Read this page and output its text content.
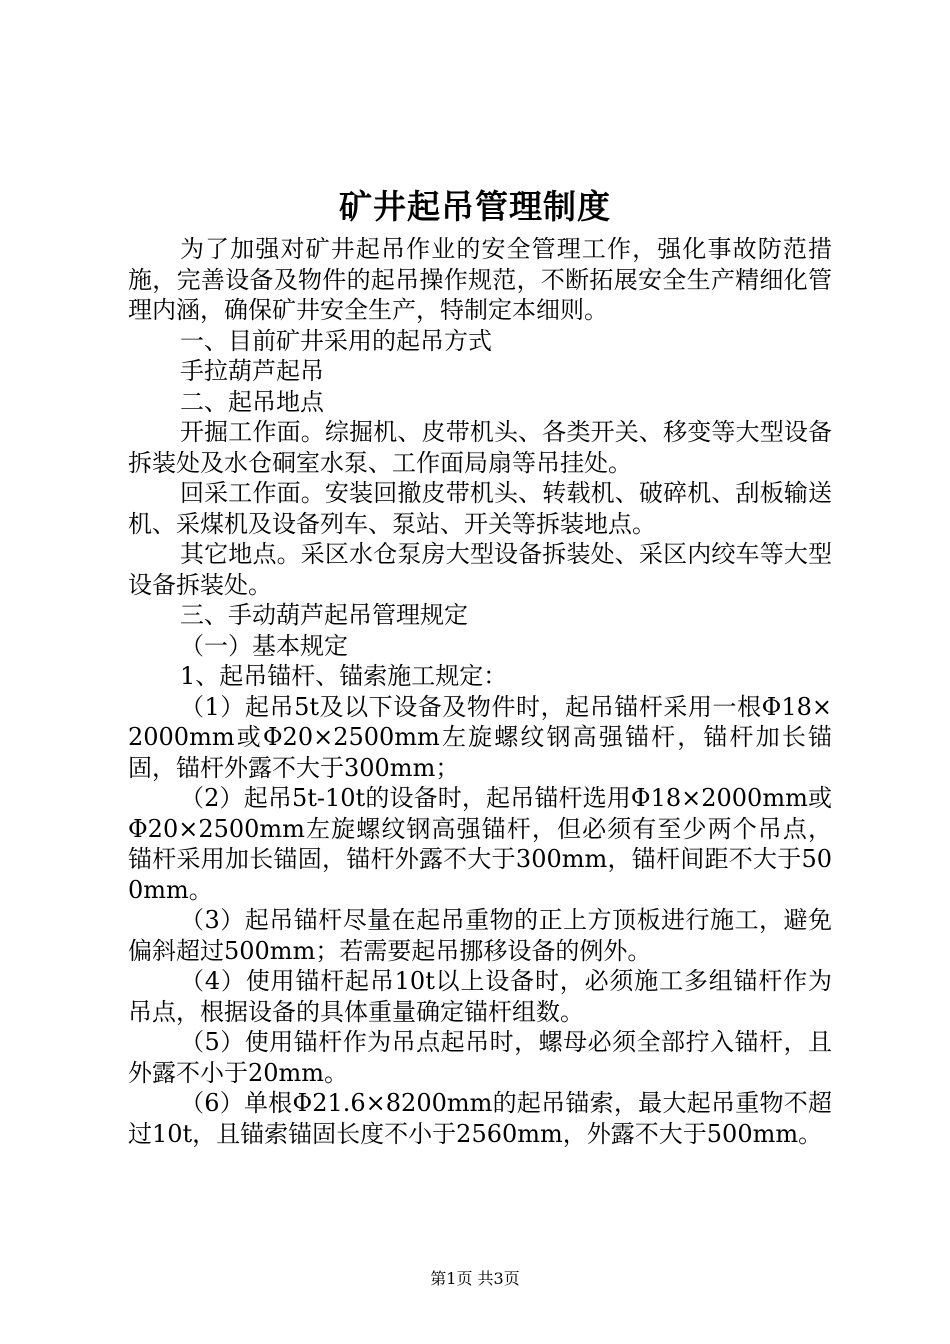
矿井起吊管理制度

为了加强对矿井起吊作业的安全管理工作，强化事故防范措施，完善设备及物件的起吊操作规范，不断拓展安全生产精细化管理内涵，确保矿井安全生产，特制定本细则。

一、目前矿井采用的起吊方式

手拉葫芦起吊

二、起吊地点

开掘工作面。综掘机、皮带机头、各类开关、移变等大型设备拆装处及水仓硐室水泵、工作面局扇等吊挂处。

回采工作面。安装回撤皮带机头、转载机、破碎机、刮板输送机、采煤机及设备列车、泵站、开关等拆装地点。

其它地点。采区水仓泵房大型设备拆装处、采区内绞车等大型设备拆装处。

三、手动葫芦起吊管理规定

（一）基本规定

1、起吊锚杆、锚索施工规定：

（1）起吊5t及以下设备及物件时，起吊锚杆采用一根Φ18×2000mm或Φ20×2500mm左旋螺纹钢高强锚杆，锚杆加长锚固，锚杆外露不大于300mm；

（2）起吊5t-10t的设备时，起吊锚杆选用Φ18×2000mm或Φ20×2500mm左旋螺纹钢高强锚杆，但必须有至少两个吊点，锚杆采用加长锚固，锚杆外露不大于300mm，锚杆间距不大于500mm。

（3）起吊锚杆尽量在起吊重物的正上方顶板进行施工，避免偏斜超过500mm；若需要起吊挪移设备的例外。

（4）使用锚杆起吊10t以上设备时，必须施工多组锚杆作为吊点，根据设备的具体重量确定锚杆组数。

（5）使用锚杆作为吊点起吊时，螺母必须全部拧入锚杆，且外露不小于20mm。

（6）单根Φ21.6×8200mm的起吊锚索，最大起吊重物不超过10t，且锚索锚固长度不小于2560mm，外露不大于500mm。

第1页 共3页
